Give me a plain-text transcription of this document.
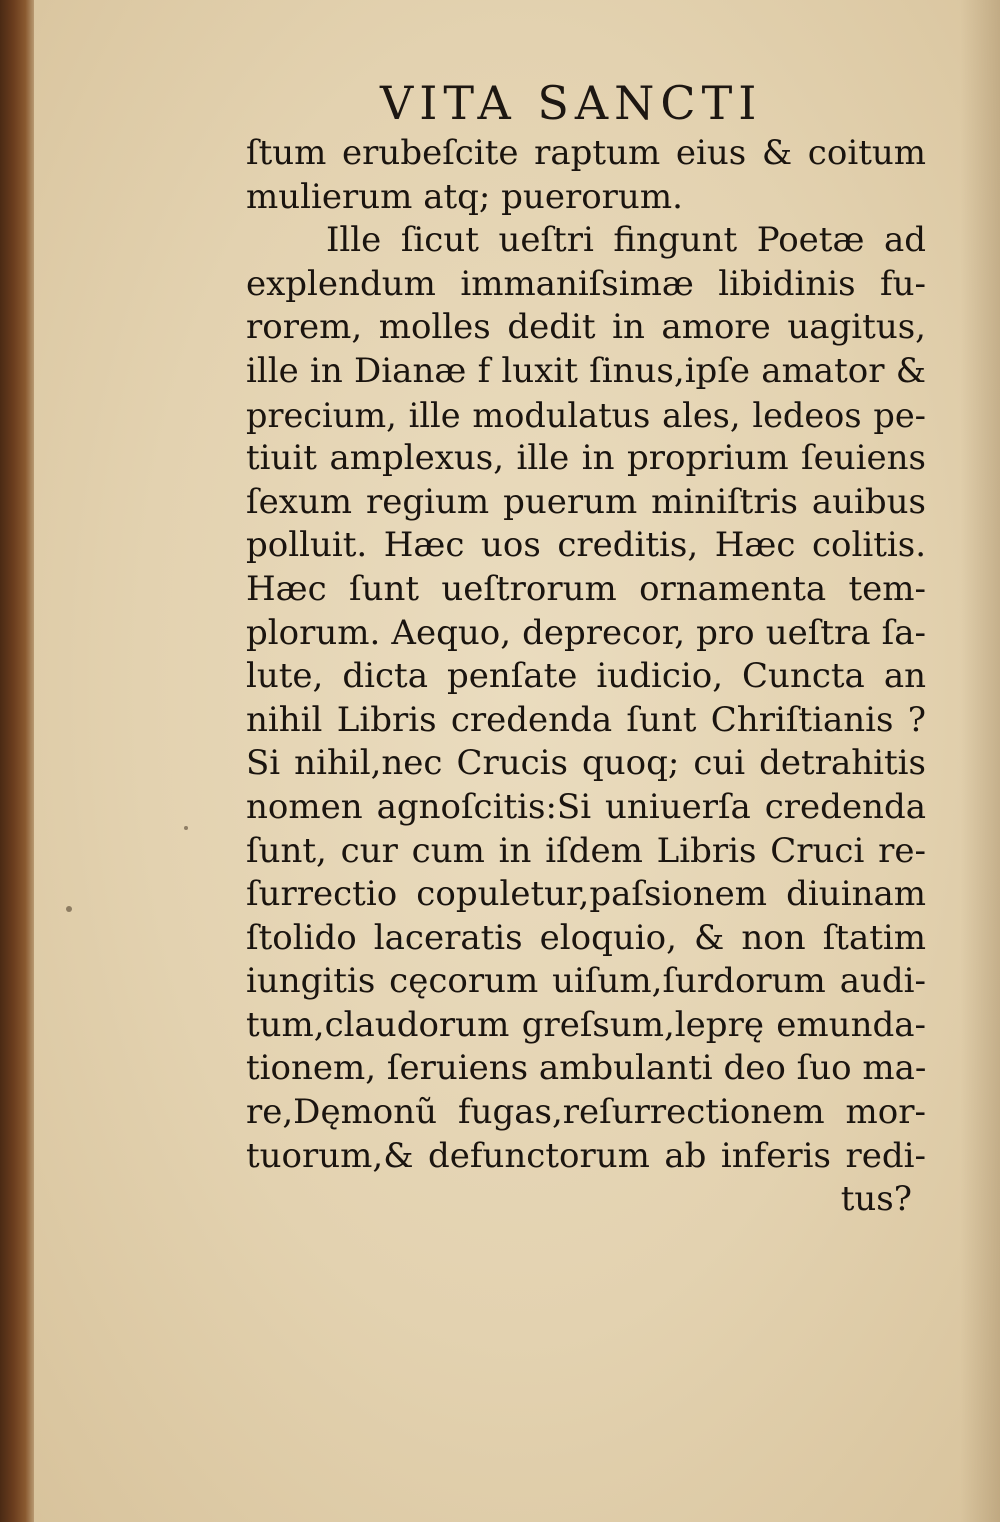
VITA SANCTI
ſtum erubeſcite raptum eius & coitum
mulierum atq; puerorum.
Ille ſicut ueſtri fingunt Poetæ ad
explendum immaniſsimæ libidinis fu-
rorem, molles dedit in amore uagitus,
ille in Dianæ f luxit ſinus,ipſe amator &
precium, ille modulatus ales, ledeos pe-
tiuit amplexus, ille in proprium ſeuiens
ſexum regium puerum miniſtris auibus
polluit. Hæc uos creditis, Hæc colitis.
Hæc ſunt ueſtrorum ornamenta tem-
plorum. Aequo, deprecor, pro ueſtra ſa-
lute, dicta penſate iudicio, Cuncta an
nihil Libris credenda ſunt Chriſtianis ?
Si nihil,nec Crucis quoq; cui detrahitis
nomen agnoſcitis:Si uniuerſa credenda
ſunt, cur cum in iſdem Libris Cruci re-
ſurrectio copuletur,paſsionem diuinam
ſtolido laceratis eloquio, & non ſtatim
iungitis cęcorum uiſum,ſurdorum audi-
tum,claudorum greſsum,leprę emunda-
tionem, ſeruiens ambulanti deo ſuo ma-
re,Dęmonũ fugas,reſurrectionem mor-
tuorum,& defunctorum ab inferis redi-
tus?
